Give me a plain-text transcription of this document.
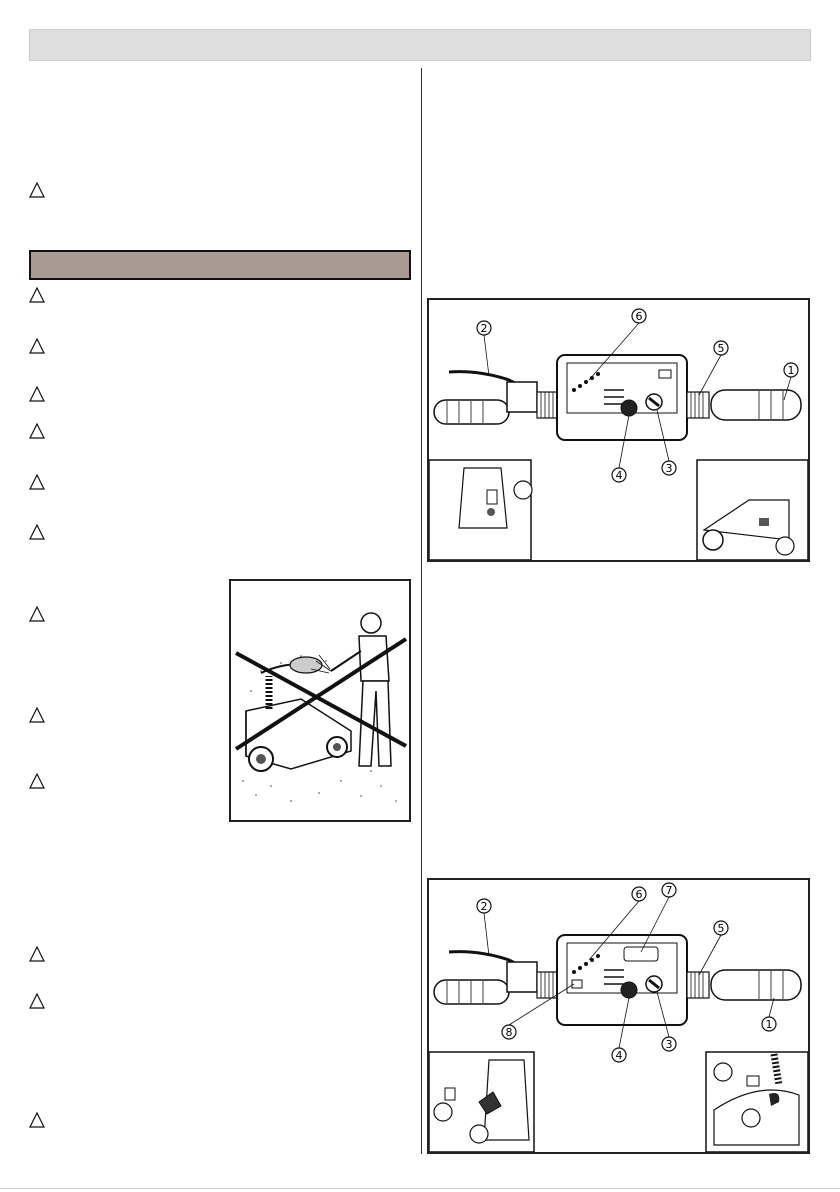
2
6
5
1
4
3
2
6 7
5
1
8
4
3
